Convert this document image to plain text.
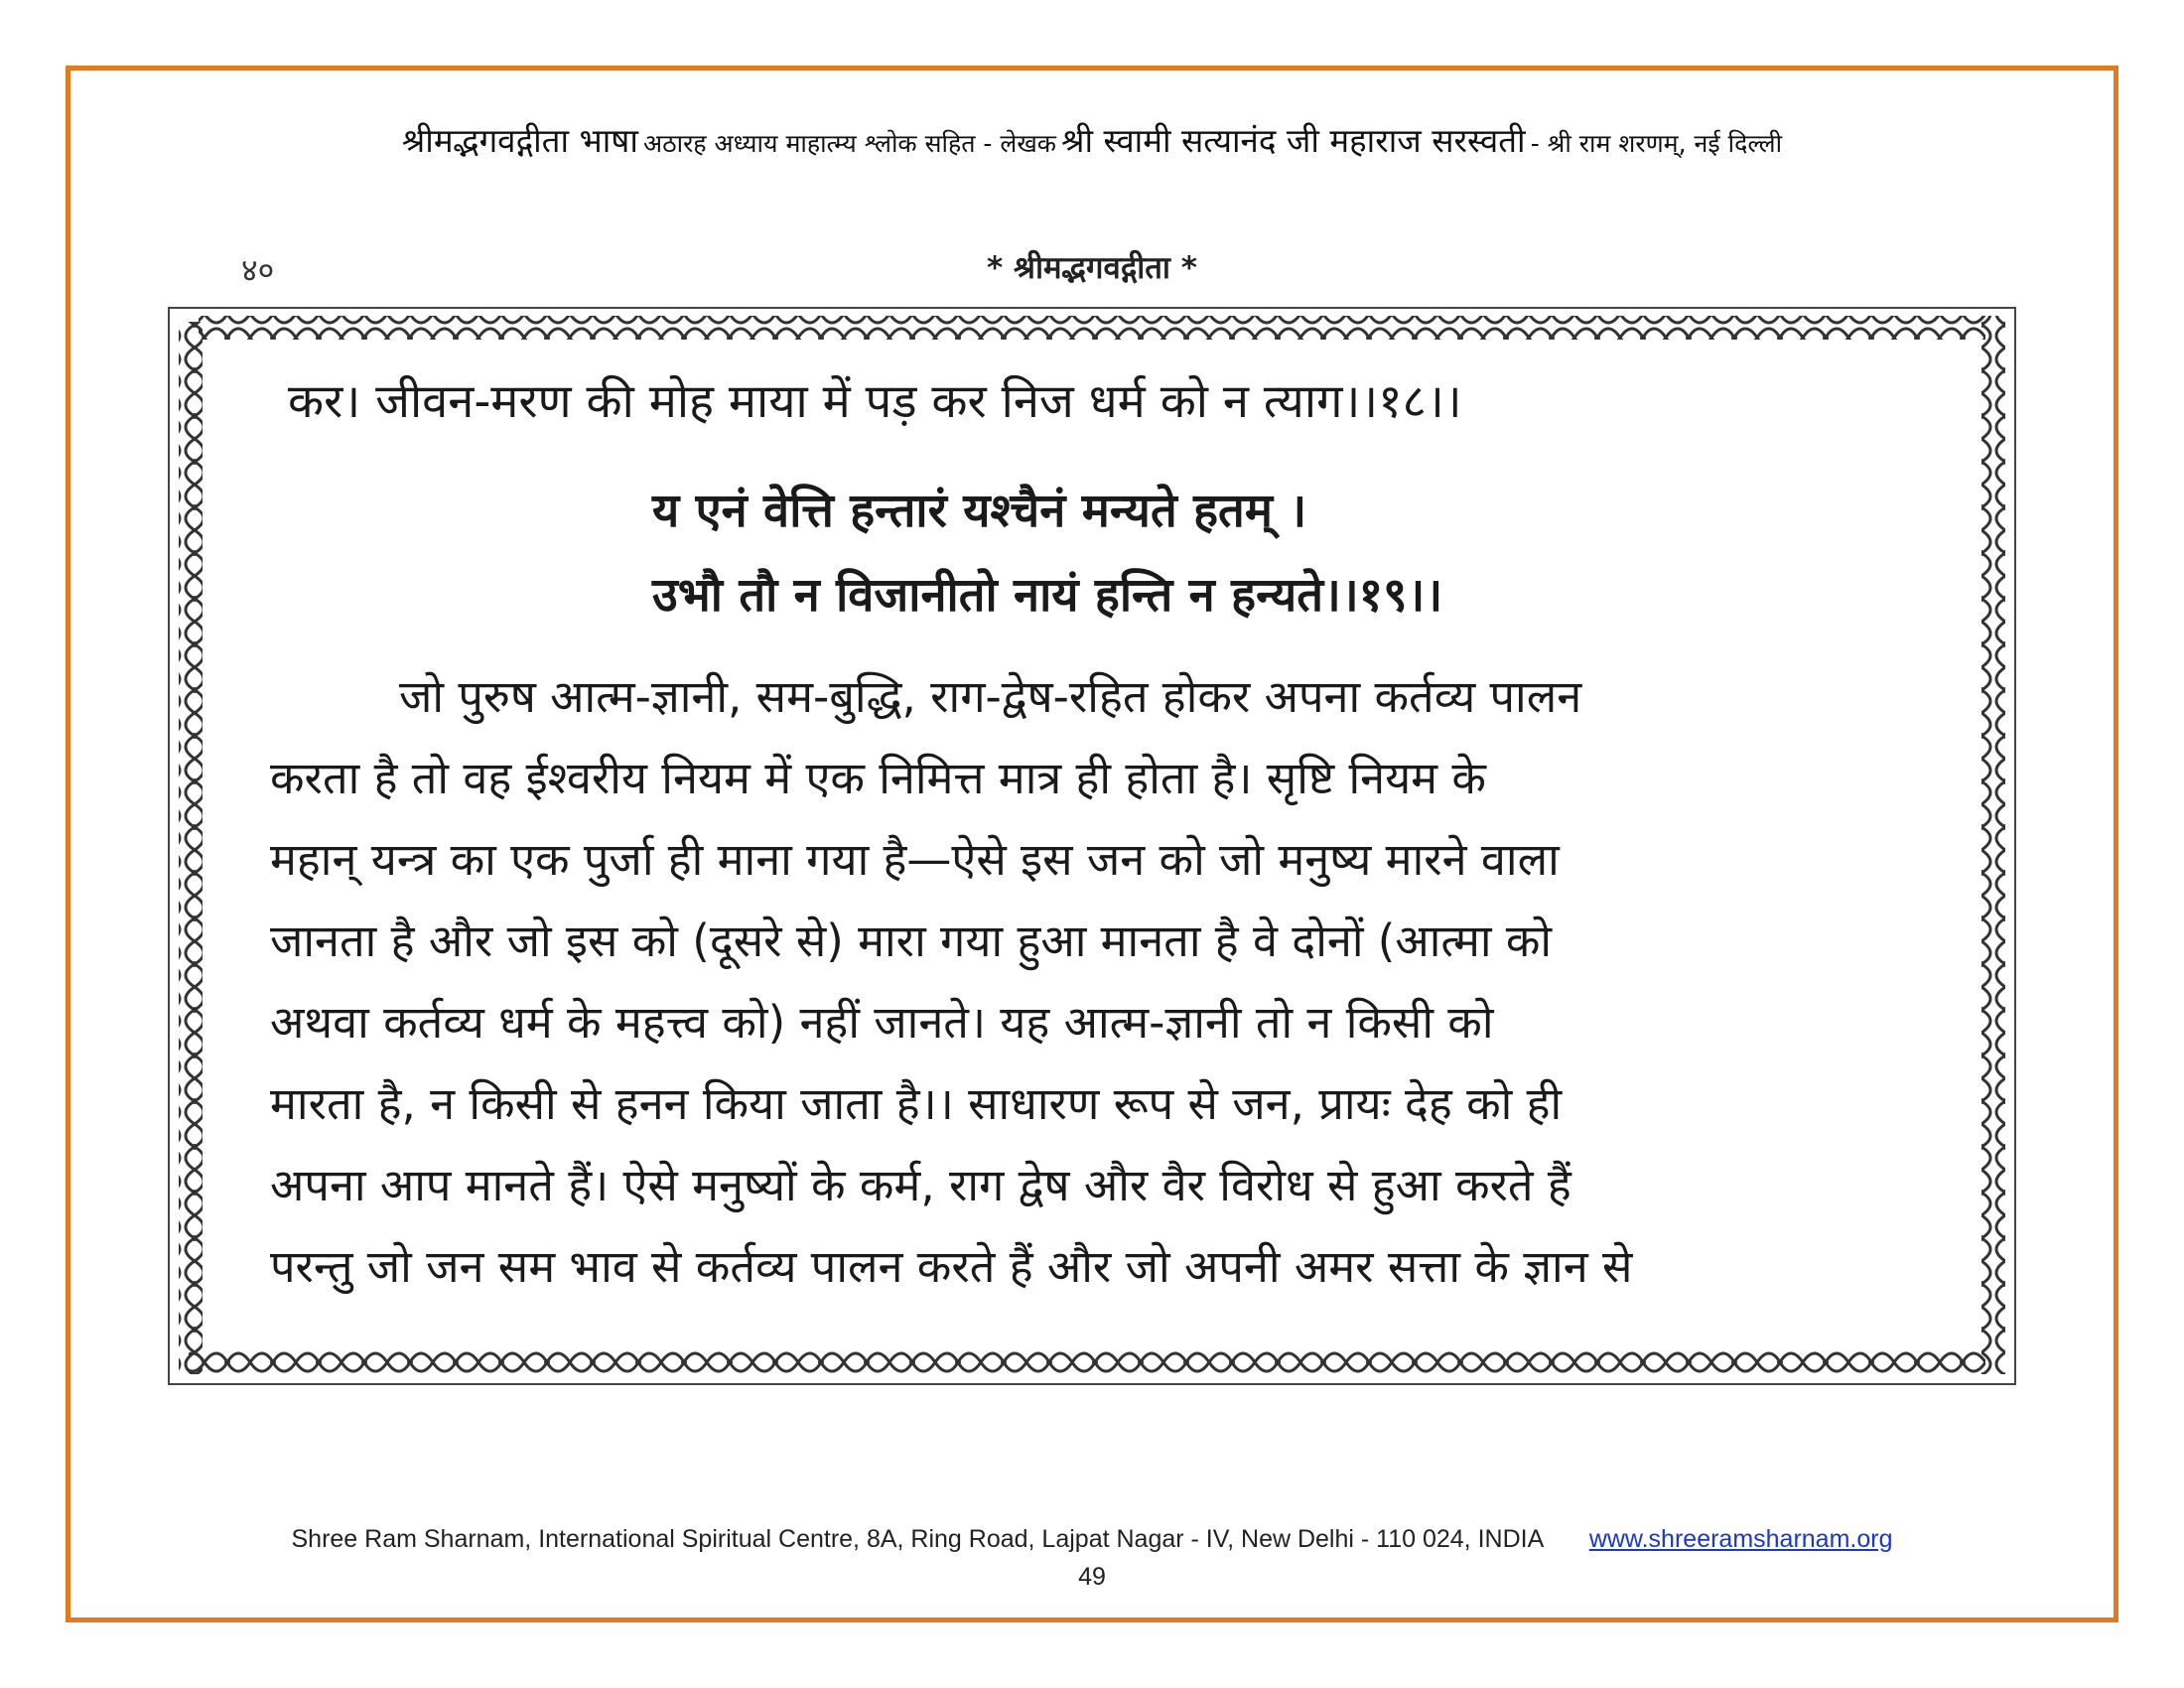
श्रीमद्भगवद्गीता भाषा अठारह अध्याय माहात्म्य श्लोक सहित - लेखक श्री स्वामी सत्यानंद जी महाराज सरस्वती - श्री राम शरणम्, नई दिल्ली
४०	* श्रीमद्भगवद्गीता *
कर। जीवन-मरण की मोह माया में पड़ कर निज धर्म को न त्याग।।१८।।
य एनं वेत्ति हन्तारं यश्चैनं मन्यते हतम् ।
उभौ तौ न विजानीतो नायं हन्ति न हन्यते।।१९।।
जो पुरुष आत्म-ज्ञानी, सम-बुद्धि, राग-द्वेष-रहित होकर अपना कर्तव्य पालन
करता है तो वह ईश्वरीय नियम में एक निमित्त मात्र ही होता है। सृष्टि नियम के
महान् यन्त्र का एक पुर्जा ही माना गया है—ऐसे इस जन को जो मनुष्य मारने वाला
जानता है और जो इस को (दूसरे से) मारा गया हुआ मानता है वे दोनों (आत्मा को
अथवा कर्तव्य धर्म के महत्त्व को) नहीं जानते। यह आत्म-ज्ञानी तो न किसी को
मारता है, न किसी से हनन किया जाता है।। साधारण रूप से जन, प्रायः देह को ही
अपना आप मानते हैं। ऐसे मनुष्यों के कर्म, राग द्वेष और वैर विरोध से हुआ करते हैं
परन्तु जो जन सम भाव से कर्तव्य पालन करते हैं और जो अपनी अमर सत्ता के ज्ञान से
Shree Ram Sharnam, International Spiritual Centre, 8A, Ring Road, Lajpat Nagar - IV, New Delhi - 110 024, INDIA www.shreeramsharnam.org
49
